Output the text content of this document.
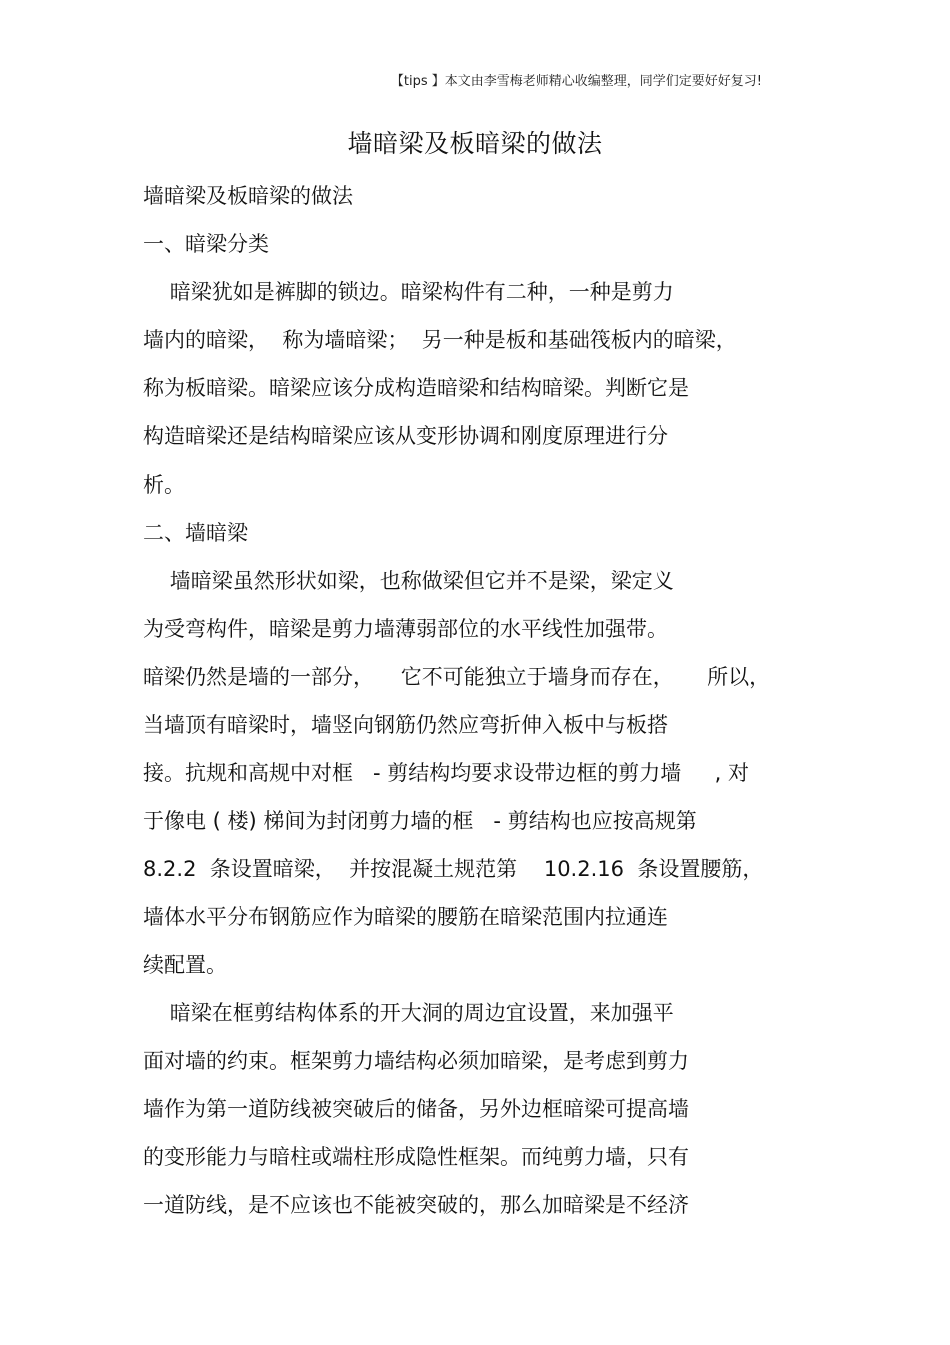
【tips 】本文由李雪梅老师精心收编整理，同学们定要好好复习!
墙暗梁及板暗梁的做法
墙暗梁及板暗梁的做法
一、暗梁分类
暗梁犹如是裤脚的锁边。暗梁构件有二种，一种是剪力
墙内的暗梁，  称为墙暗梁；  另一种是板和基础筏板内的暗梁，
称为板暗梁。暗梁应该分成构造暗梁和结构暗梁。判断它是
构造暗梁还是结构暗梁应该从变形协调和刚度原理进行分
析。
二、墙暗梁
墙暗梁虽然形状如梁，也称做梁但它并不是梁，梁定义
为受弯构件，暗梁是剪力墙薄弱部位的水平线性加强带。
暗梁仍然是墙的一部分，    它不可能独立于墙身而存在，     所以，
当墙顶有暗梁时，墙竖向钢筋仍然应弯折伸入板中与板搭
接。抗规和高规中对框   - 剪结构均要求设带边框的剪力墙     , 对
于像电 ( 楼) 梯间为封闭剪力墙的框   - 剪结构也应按高规第
8.2.2  条设置暗梁，  并按混凝土规范第    10.2.16  条设置腰筋，
墙体水平分布钢筋应作为暗梁的腰筋在暗梁范围内拉通连
续配置。
暗梁在框剪结构体系的开大洞的周边宜设置，来加强平
面对墙的约束。框架剪力墙结构必须加暗梁，是考虑到剪力
墙作为第一道防线被突破后的储备，另外边框暗梁可提高墙
的变形能力与暗柱或端柱形成隐性框架。而纯剪力墙，只有
一道防线，是不应该也不能被突破的，那么加暗梁是不经济
